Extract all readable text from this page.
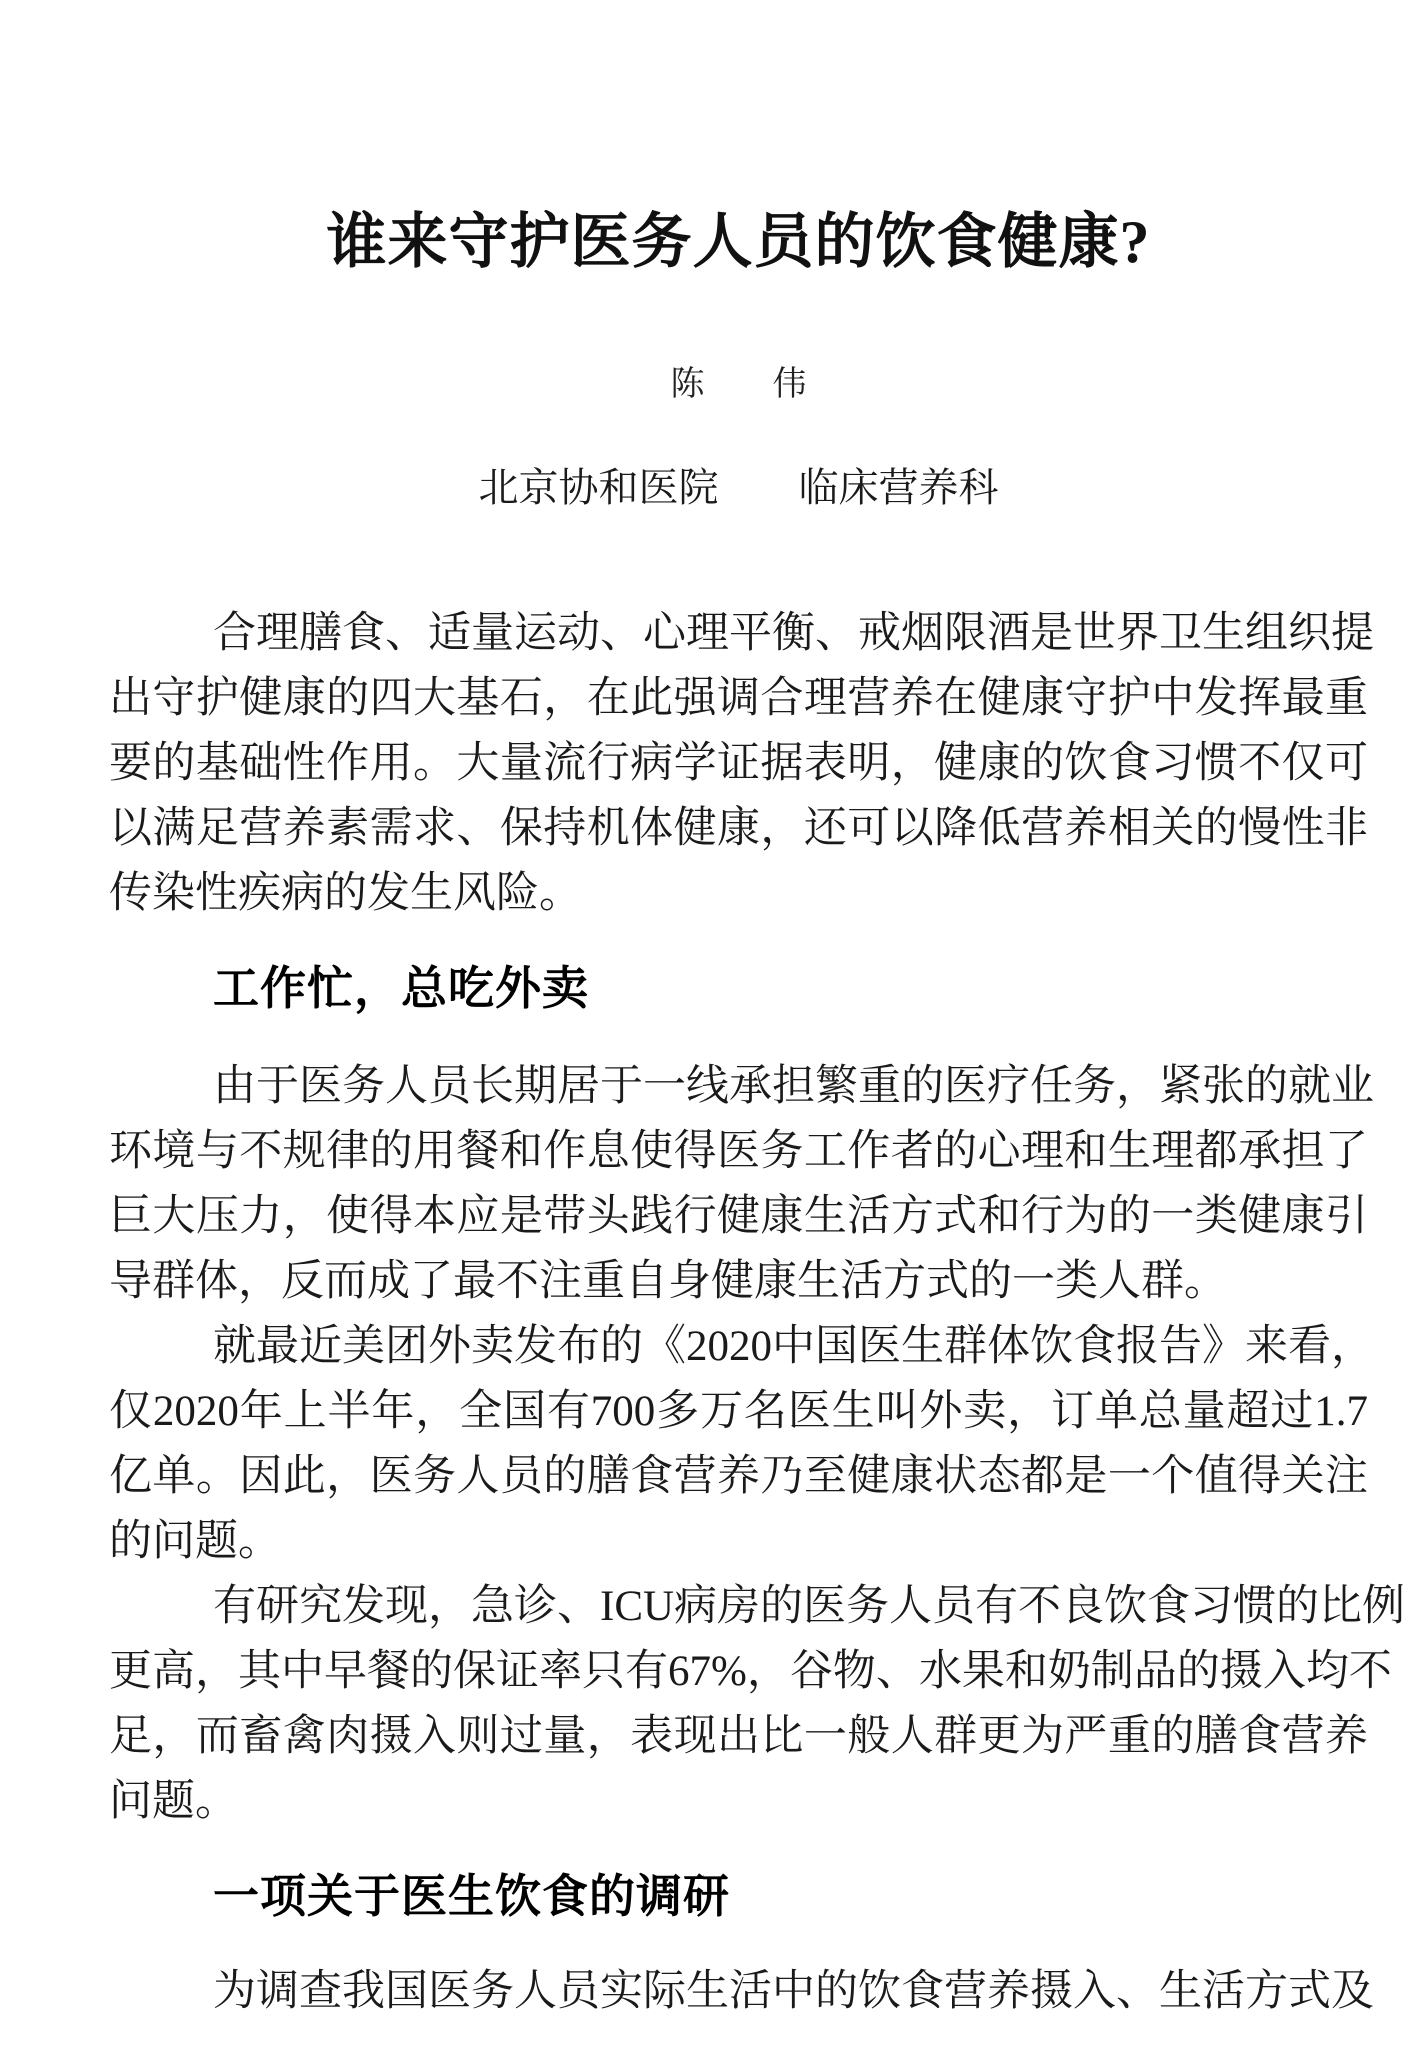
谁来守护医务人员的饮食健康?
陈　　伟
北京协和医院　　临床营养科
合理膳食、适量运动、心理平衡、戒烟限酒是世界卫生组织提
出守护健康的四大基石，在此强调合理营养在健康守护中发挥最重
要的基础性作用。大量流行病学证据表明，健康的饮食习惯不仅可
以满足营养素需求、保持机体健康，还可以降低营养相关的慢性非
传染性疾病的发生风险。
工作忙，总吃外卖
由于医务人员长期居于一线承担繁重的医疗任务，紧张的就业
环境与不规律的用餐和作息使得医务工作者的心理和生理都承担了
巨大压力，使得本应是带头践行健康生活方式和行为的一类健康引
导群体，反而成了最不注重自身健康生活方式的一类人群。
就最近美团外卖发布的《2020中国医生群体饮食报告》来看，
仅2020年上半年，全国有700多万名医生叫外卖，订单总量超过1.7
亿单。因此，医务人员的膳食营养乃至健康状态都是一个值得关注
的问题。
有研究发现，急诊、ICU病房的医务人员有不良饮食习惯的比例
更高，其中早餐的保证率只有67%，谷物、水果和奶制品的摄入均不
足，而畜禽肉摄入则过量，表现出比一般人群更为严重的膳食营养
问题。
一项关于医生饮食的调研
为调查我国医务人员实际生活中的饮食营养摄入、生活方式及
